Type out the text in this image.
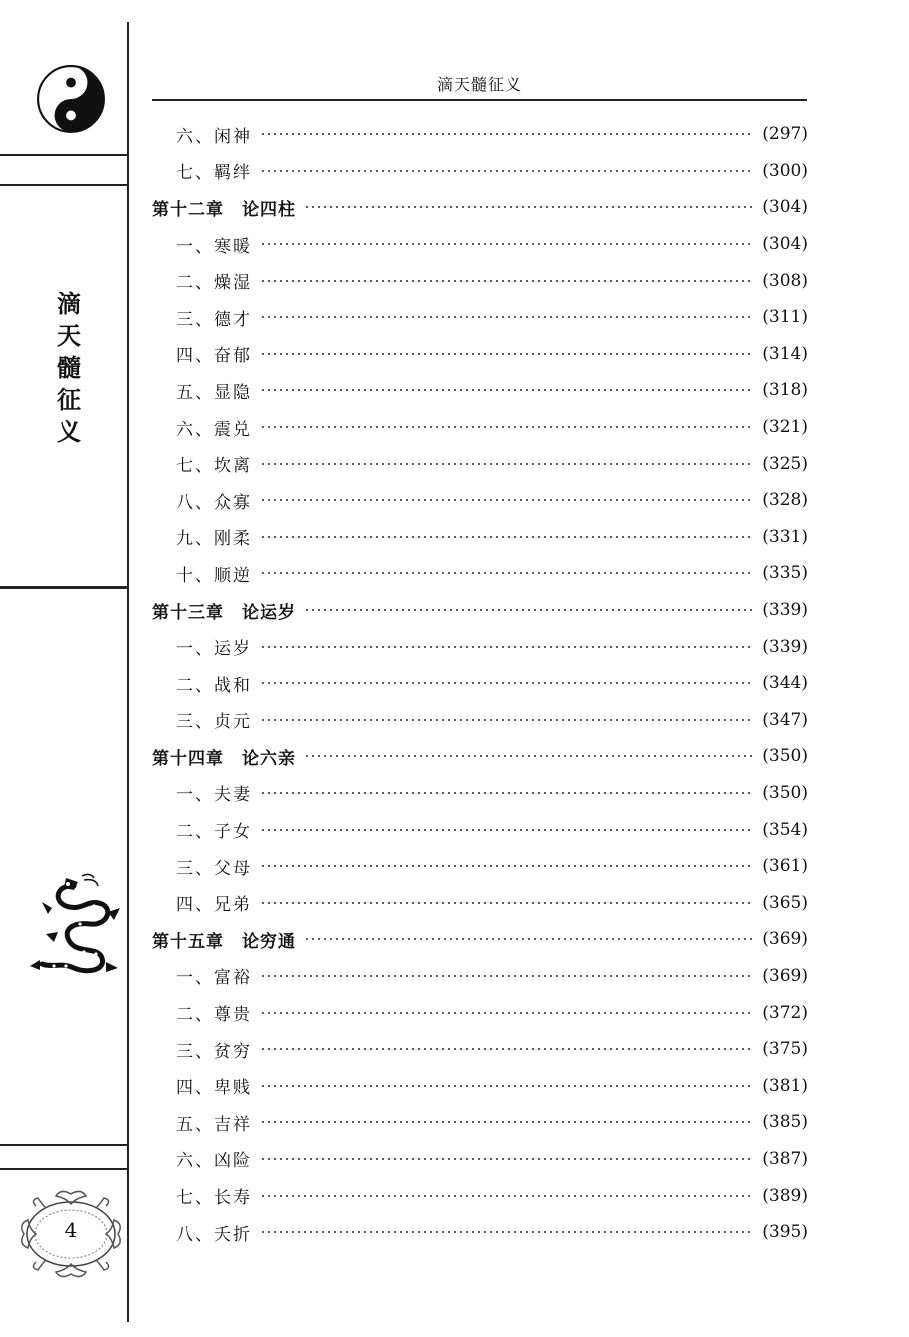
滴
天
髓
征
义
4
滴天髓征义
六、闲神	(297)
七、羁绊	(300)
第十二章　论四柱	(304)
一、寒暖	(304)
二、燥湿	(308)
三、德才	(311)
四、奋郁	(314)
五、显隐	(318)
六、震兑	(321)
七、坎离	(325)
八、众寡	(328)
九、刚柔	(331)
十、顺逆	(335)
第十三章　论运岁	(339)
一、运岁	(339)
二、战和	(344)
三、贞元	(347)
第十四章　论六亲	(350)
一、夫妻	(350)
二、子女	(354)
三、父母	(361)
四、兄弟	(365)
第十五章　论穷通	(369)
一、富裕	(369)
二、尊贵	(372)
三、贫穷	(375)
四、卑贱	(381)
五、吉祥	(385)
六、凶险	(387)
七、长寿	(389)
八、夭折	(395)
